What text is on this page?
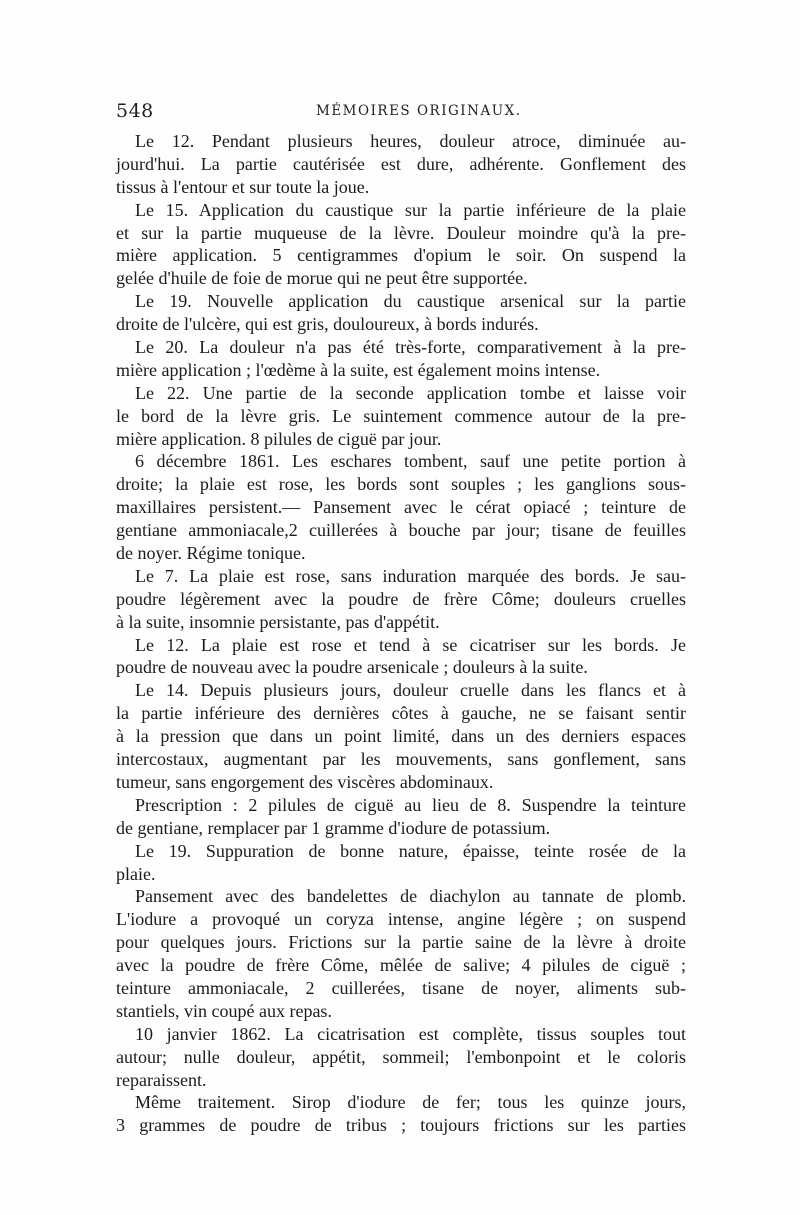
548	MÉMOIRES ORIGINAUX.
Le 12. Pendant plusieurs heures, douleur atroce, diminuée au-
jourd'hui. La partie cautérisée est dure, adhérente. Gonflement des
tissus à l'entour et sur toute la joue.
Le 15. Application du caustique sur la partie inférieure de la plaie
et sur la partie muqueuse de la lèvre. Douleur moindre qu'à la pre-
mière application. 5 centigrammes d'opium le soir. On suspend la
gelée d'huile de foie de morue qui ne peut être supportée.
Le 19. Nouvelle application du caustique arsenical sur la partie
droite de l'ulcère, qui est gris, douloureux, à bords indurés.
Le 20. La douleur n'a pas été très-forte, comparativement à la pre-
mière application ; l'œdème à la suite, est également moins intense.
Le 22. Une partie de la seconde application tombe et laisse voir
le bord de la lèvre gris. Le suintement commence autour de la pre-
mière application. 8 pilules de ciguë par jour.
6 décembre 1861. Les eschares tombent, sauf une petite portion à
droite; la plaie est rose, les bords sont souples ; les ganglions sous-
maxillaires persistent.— Pansement avec le cérat opiacé ; teinture de
gentiane ammoniacale,2 cuillerées à bouche par jour; tisane de feuilles
de noyer. Régime tonique.
Le 7. La plaie est rose, sans induration marquée des bords. Je sau-
poudre légèrement avec la poudre de frère Côme; douleurs cruelles
à la suite, insomnie persistante, pas d'appétit.
Le 12. La plaie est rose et tend à se cicatriser sur les bords. Je
poudre de nouveau avec la poudre arsenicale ; douleurs à la suite.
Le 14. Depuis plusieurs jours, douleur cruelle dans les flancs et à
la partie inférieure des dernières côtes à gauche, ne se faisant sentir
à la pression que dans un point limité, dans un des derniers espaces
intercostaux, augmentant par les mouvements, sans gonflement, sans
tumeur, sans engorgement des viscères abdominaux.
Prescription : 2 pilules de ciguë au lieu de 8. Suspendre la teinture
de gentiane, remplacer par 1 gramme d'iodure de potassium.
Le 19. Suppuration de bonne nature, épaisse, teinte rosée de la
plaie.
Pansement avec des bandelettes de diachylon au tannate de plomb.
L'iodure a provoqué un coryza intense, angine légère ; on suspend
pour quelques jours. Frictions sur la partie saine de la lèvre à droite
avec la poudre de frère Côme, mêlée de salive; 4 pilules de ciguë ;
teinture ammoniacale, 2 cuillerées, tisane de noyer, aliments sub-
stantiels, vin coupé aux repas.
10 janvier 1862. La cicatrisation est complète, tissus souples tout
autour; nulle douleur, appétit, sommeil; l'embonpoint et le coloris
reparaissent.
Même traitement. Sirop d'iodure de fer; tous les quinze jours,
3 grammes de poudre de tribus ; toujours frictions sur les parties
